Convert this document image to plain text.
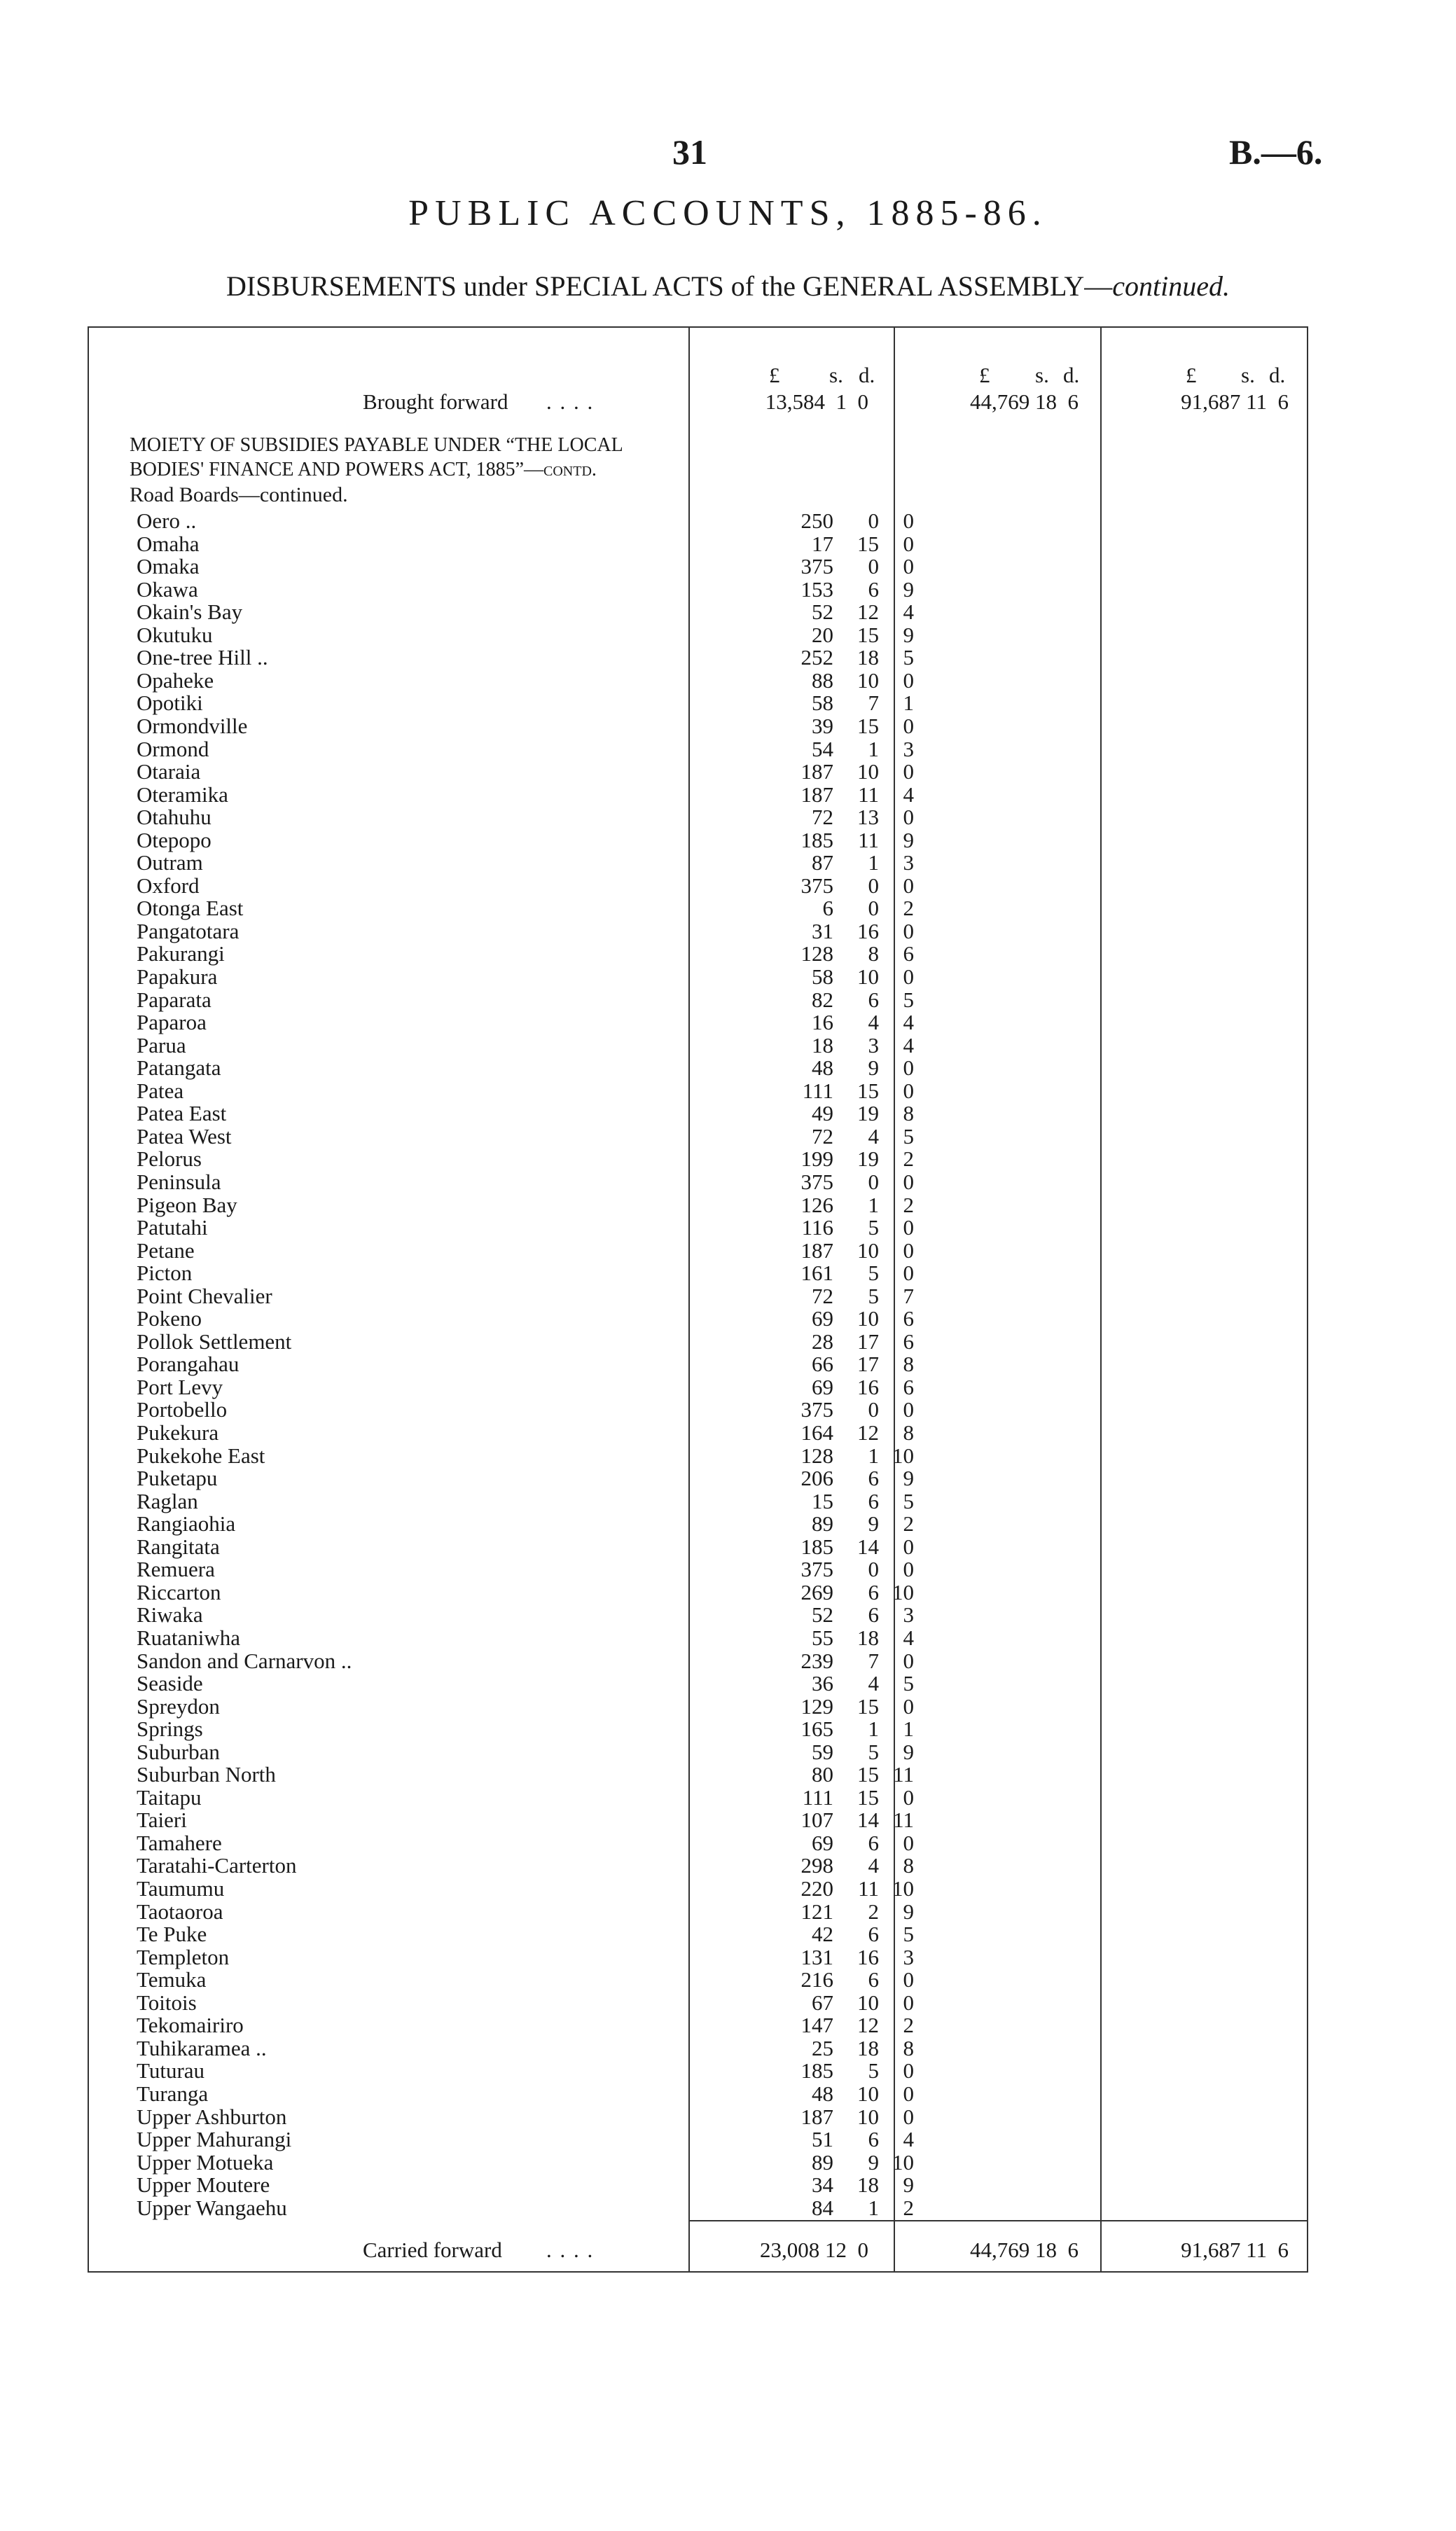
31	B.—6.
PUBLIC ACCOUNTS, 1885-86.
DISBURSEMENTS under SPECIAL ACTS of the GENERAL ASSEMBLY—continued.
£ s. d.	£ s. d.	£ s. d.
Brought forward . . . .	13,584  1  0	44,769 18  6	91,687 11  6
MOIETY OF SUBSIDIES PAYABLE UNDER “THE LOCAL
BODIES' FINANCE AND POWERS ACT, 1885”—contd.
Road Boards—continued.
Oero ..	250	0	0
Omaha	17	15	0
Omaka	375	0	0
Okawa	153	6	9
Okain's Bay	52	12	4
Okutuku	20	15	9
One-tree Hill ..	252	18	5
Opaheke	88	10	0
Opotiki	58	7	1
Ormondville	39	15	0
Ormond	54	1	3
Otaraia	187	10	0
Oteramika	187	11	4
Otahuhu	72	13	0
Otepopo	185	11	9
Outram	87	1	3
Oxford	375	0	0
Otonga East	6	0	2
Pangatotara	31	16	0
Pakurangi	128	8	6
Papakura	58	10	0
Paparata	82	6	5
Paparoa	16	4	4
Parua	18	3	4
Patangata	48	9	0
Patea	111	15	0
Patea East	49	19	8
Patea West	72	4	5
Pelorus	199	19	2
Peninsula	375	0	0
Pigeon Bay	126	1	2
Patutahi	116	5	0
Petane	187	10	0
Picton	161	5	0
Point Chevalier	72	5	7
Pokeno	69	10	6
Pollok Settlement	28	17	6
Porangahau	66	17	8
Port Levy	69	16	6
Portobello	375	0	0
Pukekura	164	12	8
Pukekohe East	128	1 10
Puketapu	206	6	9
Raglan	15	6	5
Rangiaohia	89	9	2
Rangitata	185	14	0
Remuera	375	0	0
Riccarton	269	6 10
Riwaka	52	6	3
Ruataniwha	55	18	4
Sandon and Carnarvon ..	239	7	0
Seaside	36	4	5
Spreydon	129	15	0
Springs	165	1	1
Suburban	59	5	9
Suburban North	80	15 11
Taitapu	111	15	0
Taieri	107	14 11
Tamahere	69	6	0
Taratahi-Carterton	298	4	8
Taumumu	220	11 10
Taotaoroa	121	2	9
Te Puke	42	6	5
Templeton	131	16	3
Temuka	216	6	0
Toitois	67	10	0
Tekomairiro	147	12	2
Tuhikaramea ..	25	18	8
Tuturau	185	5	0
Turanga	48	10	0
Upper Ashburton	187	10	0
Upper Mahurangi	51	6	4
Upper Motueka	89	9 10
Upper Moutere	34	18	9
Upper Wangaehu	84	1	2
Carried forward . . . .	23,008 12  0	44,769 18  6	91,687 11  6
